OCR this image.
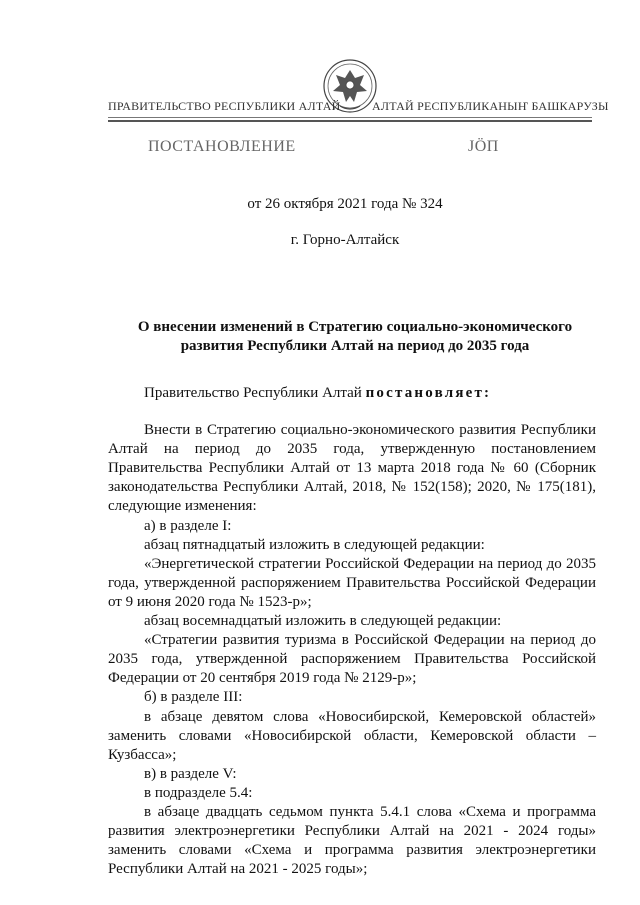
ПРАВИТЕЛЬСТВО РЕСПУБЛИКИ АЛТАЙ	АЛТАЙ РЕСПУБЛИКАНЫҤ БАШКАРУЗЫ
ПОСТАНОВЛЕНИЕ	ЈӦП
от 26 октября 2021 года № 324
г. Горно-Алтайск
О внесении изменений в Стратегию социально-экономического
развития Республики Алтай на период до 2035 года

Правительство Республики Алтай постановляет:

Внести в Стратегию социально-экономического развития Республики Алтай на период до 2035 года, утвержденную постановлением Правительства Республики Алтай от 13 марта 2018 года № 60 (Сборник законодательства Республики Алтай, 2018, № 152(158); 2020, № 175(181), следующие изменения:

а) в разделе I:

абзац пятнадцатый изложить в следующей редакции:

«Энергетической стратегии Российской Федерации на период до 2035 года, утвержденной распоряжением Правительства Российской Федерации от 9 июня 2020 года № 1523-р»;

абзац восемнадцатый изложить в следующей редакции:

«Стратегии развития туризма в Российской Федерации на период до 2035 года, утвержденной распоряжением Правительства Российской Федерации от 20 сентября 2019 года № 2129-р»;

б) в разделе III:

в абзаце девятом слова «Новосибирской, Кемеровской областей» заменить словами «Новосибирской области, Кемеровской области – Кузбасса»;

в) в разделе V:

в подразделе 5.4:

в абзаце двадцать седьмом пункта 5.4.1 слова «Схема и программа развития электроэнергетики Республики Алтай на 2021 - 2024 годы» заменить словами «Схема и программа развития электроэнергетики Республики Алтай на 2021 - 2025 годы»;
